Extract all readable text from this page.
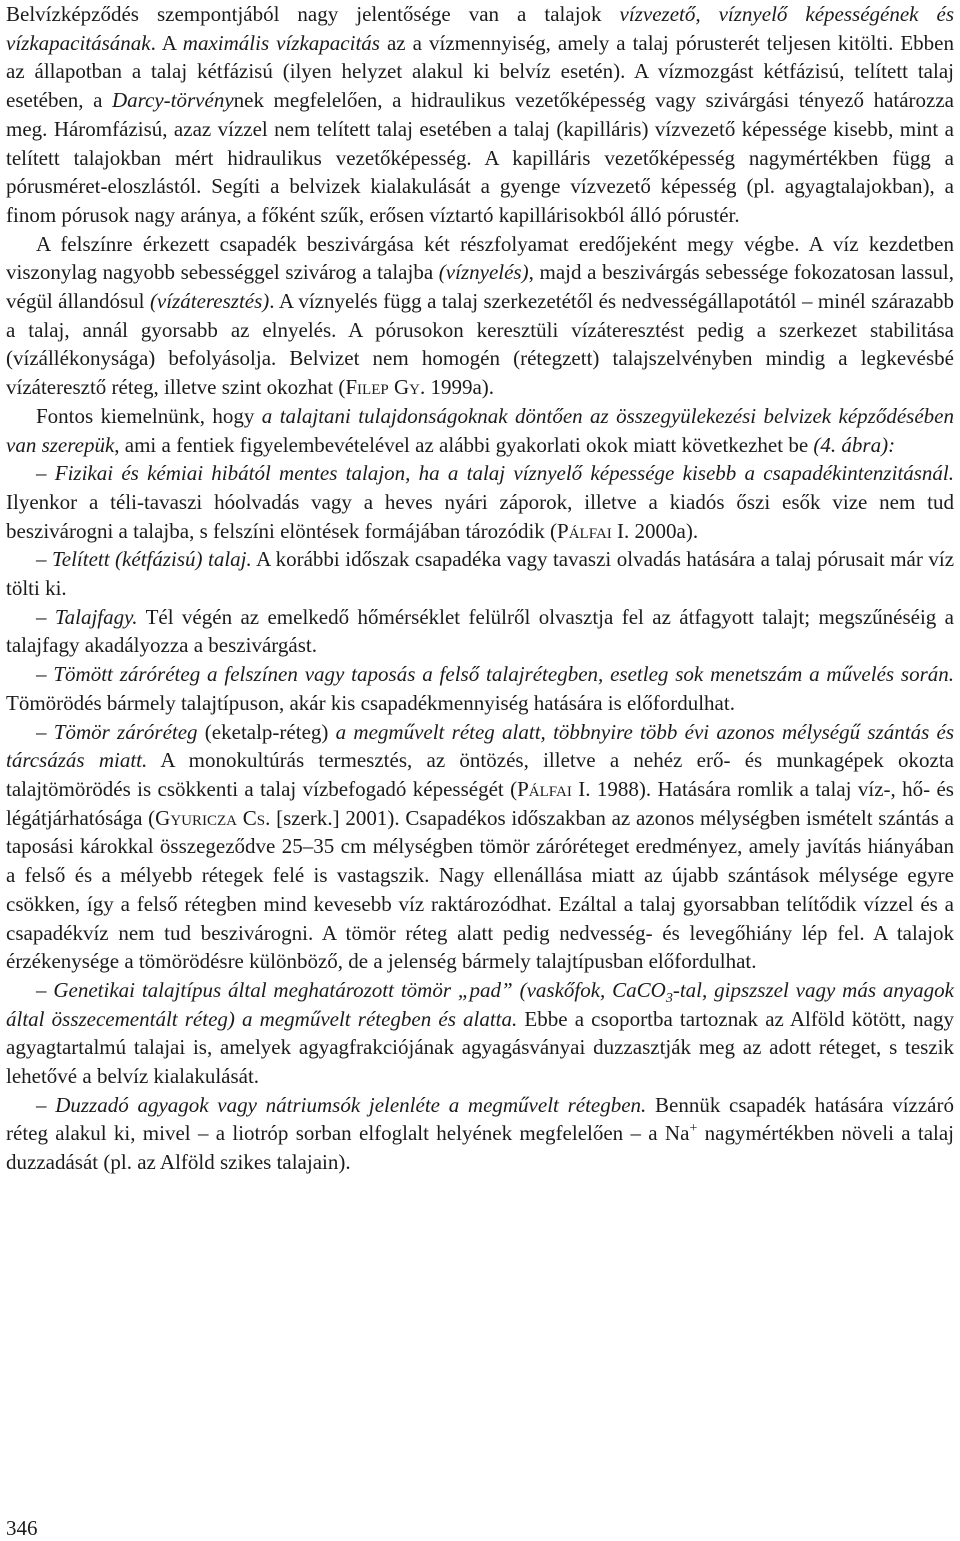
Belvízképződés szempontjából nagy jelentősége van a talajok vízvezető, víznyelő képességének és vízkapacitásának. A maximális vízkapacitás az a vízmennyiség, amely a talaj pórusterét teljesen kitölti. Ebben az állapotban a talaj kétfázisú (ilyen helyzet alakul ki belvíz esetén). A vízmozgást kétfázisú, telített talaj esetében, a Darcy-törvénynek megfelelően, a hidraulikus vezetőképesség vagy szivárgási tényező határozza meg. Háromfázisú, azaz vízzel nem telített talaj esetében a talaj (kapilláris) vízvezető képessége kisebb, mint a telített talajokban mért hidraulikus vezetőképesség. A kapilláris vezetőképesség nagymértékben függ a pórusméret-eloszlástól. Segíti a belvizek kialakulását a gyenge vízvezető képesség (pl. agyagtalajokban), a finom pórusok nagy aránya, a főként szűk, erősen víztartó kapillárisokból álló pórustér.

A felszínre érkezett csapadék beszivárgása két részfolyamat eredőjeként megy végbe. A víz kezdetben viszonylag nagyobb sebességgel szivárog a talajba (víznyelés), majd a beszivárgás sebessége fokozatosan lassul, végül állandósul (vízáteresztés). A víznyelés függ a talaj szerkezetétől és nedvességállapotától – minél szárazabb a talaj, annál gyorsabb az elnyelés. A pórusokon keresztüli vízáteresztést pedig a szerkezet stabilitása (vízállékonysága) befolyásolja. Belvizet nem homogén (rétegzett) talajszelvényben mindig a legkevésbé vízáteresztő réteg, illetve szint okozhat (Filep Gy. 1999a).

Fontos kiemelnünk, hogy a talajtani tulajdonságoknak döntően az összegyülekezési belvizek képződésében van szerepük, ami a fentiek figyelembevételével az alábbi gyakorlati okok miatt következhet be (4. ábra):

– Fizikai és kémiai hibától mentes talajon, ha a talaj víznyelő képessége kisebb a csapadékintenzitásnál. Ilyenkor a téli-tavaszi hóolvadás vagy a heves nyári záporok, illetve a kiadós őszi esők vize nem tud beszivárogni a talajba, s felszíni elöntések formájában tározódik (Pálfai I. 2000a).

– Telített (kétfázisú) talaj. A korábbi időszak csapadéka vagy tavaszi olvadás hatására a talaj pórusait már víz tölti ki.

– Talajfagy. Tél végén az emelkedő hőmérséklet felülről olvasztja fel az átfagyott talajt; megszűnéséig a talajfagy akadályozza a beszivárgást.

– Tömött záróréteg a felszínen vagy taposás a felső talajrétegben, esetleg sok menetszám a művelés során. Tömörödés bármely talajtípuson, akár kis csapadékmennyiség hatására is előfordulhat.

– Tömör záróréteg (eketalp-réteg) a megművelt réteg alatt, többnyire több évi azonos mélységű szántás és tárcsázás miatt. A monokultúrás termesztés, az öntözés, illetve a nehéz erő- és munkagépek okozta talajtömörödés is csökkenti a talaj vízbefogadó képességét (Pálfai I. 1988). Hatására romlik a talaj víz-, hő- és légátjárhatósága (Gyuricza Cs. [szerk.] 2001). Csapadékos időszakban az azonos mélységben ismételt szántás a taposási károkkal összegeződve 25–35 cm mélységben tömör záróréteget eredményez, amely javítás hiányában a felső és a mélyebb rétegek felé is vastagszik. Nagy ellenállása miatt az újabb szántások mélysége egyre csökken, így a felső rétegben mind kevesebb víz raktározódhat. Ezáltal a talaj gyorsabban telítődik vízzel és a csapadékvíz nem tud beszivárogni. A tömör réteg alatt pedig nedvesség- és levegőhiány lép fel. A talajok érzékenysége a tömörödésre különböző, de a jelenség bármely talajtípusban előfordulhat.

– Genetikai talajtípus által meghatározott tömör „pad” (vaskőfok, CaCO$_3$-tal, gipszszel vagy más anyagok által összecementált réteg) a megművelt rétegben és alatta. Ebbe a csoportba tartoznak az Alföld kötött, nagy agyagtartalmú talajai is, amelyek agyagfrakciójának agyagásványai duzzasztják meg az adott réteget, s teszik lehetővé a belvíz kialakulását.

– Duzzadó agyagok vagy nátriumsók jelenléte a megművelt rétegben. Bennük csapadék hatására vízzáró réteg alakul ki, mivel – a liotróp sorban elfoglalt helyének megfelelően – a Na+ nagymértékben növeli a talaj duzzadását (pl. az Alföld szikes talajain).

346
